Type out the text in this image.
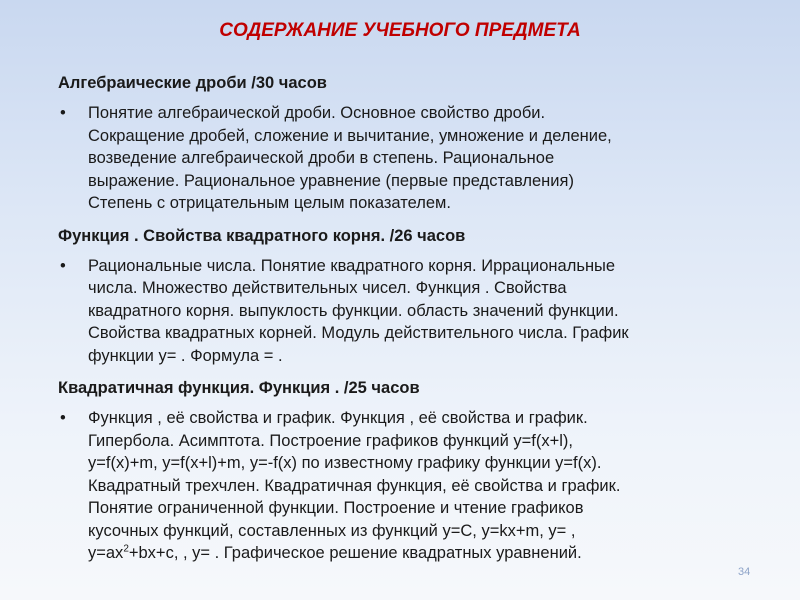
СОДЕРЖАНИЕ УЧЕБНОГО ПРЕДМЕТА
Алгебраические дроби /30 часов
• Понятие алгебраической дроби. Основное свойство дроби.
Сокращение дробей, сложение и вычитание, умножение и деление,
возведение алгебраической дроби в степень. Рациональное
выражение. Рациональное уравнение (первые представления)
Степень с отрицательным целым показателем.
Функция . Свойства квадратного корня. /26 часов
• Рациональные числа. Понятие квадратного корня. Иррациональные
числа. Множество действительных чисел. Функция . Свойства
квадратного корня. выпуклость функции. область значений функции.
Свойства квадратных корней. Модуль действительного числа. График
функции y= . Формула = .
Квадратичная функция. Функция . /25 часов
• Функция , её свойства и график. Функция , её свойства и график.
Гипербола. Асимптота. Построение графиков функций y=f(x+l),
y=f(x)+m, y=f(x+l)+m, y=-f(x) по известному графику функции y=f(x).
Квадратный трехчлен. Квадратичная функция, её свойства и график.
Понятие ограниченной функции. Построение и чтение графиков
кусочных функций, составленных из функций y=C, y=kx+m, y= ,
$y=ax^2+bx+c$, , y= . Графическое решение квадратных уравнений.
34
